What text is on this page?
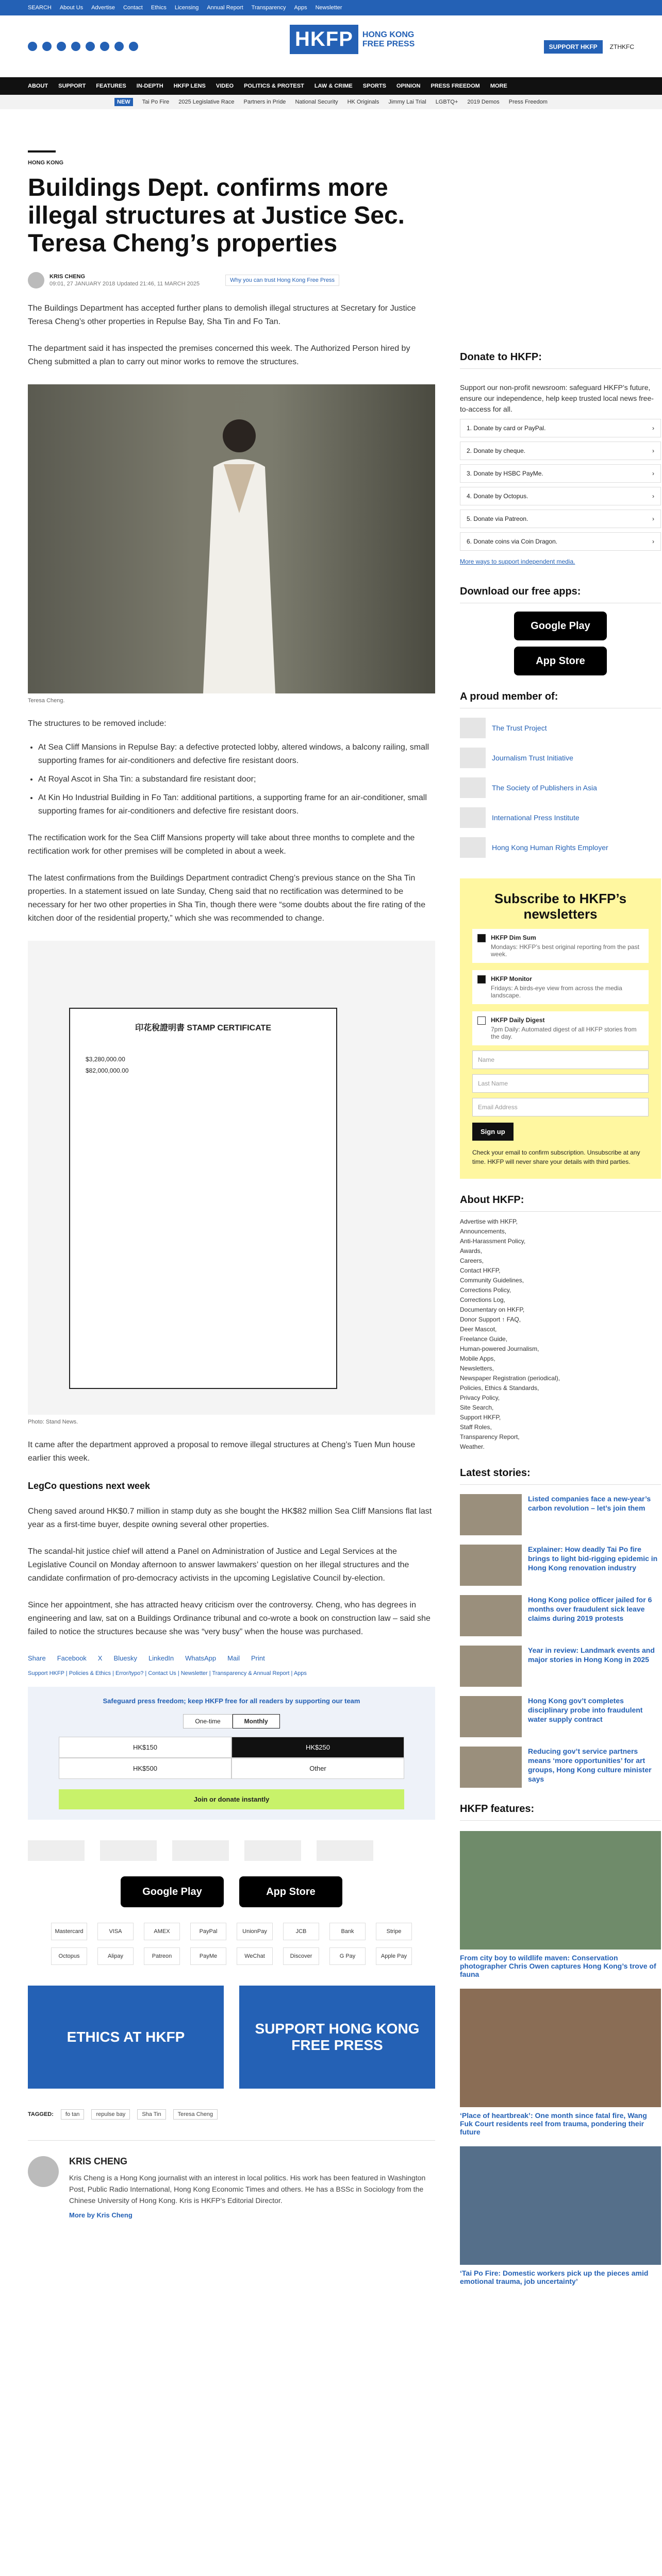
SEARCH About Us Advertise Contact Ethics Licensing Annual Report Transparency Apps Newsletter
HKFP	HONG KONG
FREE PRESS	SUPPORT HKFP	ZTHKFC
ABOUT SUPPORT FEATURES IN-DEPTH HKFP LENS VIDEO POLITICS & PROTEST LAW & CRIME SPORTS OPINION PRESS FREEDOM MORE
NEW	Tai Po Fire 2025 Legislative Race Partners in Pride National Security HK Originals Jimmy Lai Trial LGBTQ+ 2019 Demos Press Freedom
HONG KONG
Buildings Dept. confirms more illegal structures at Justice Sec. Teresa Cheng’s properties
KRIS CHENG
09:01, 27 JANUARY 2018 Updated 21:46, 11 MARCH 2025
Why you can trust Hong Kong Free Press

The Buildings Department has accepted further plans to demolish illegal structures at Secretary for Justice Teresa Cheng’s other properties in Repulse Bay, Sha Tin and Fo Tan.

The department said it has inspected the premises concerned this week. The Authorized Person hired by Cheng submitted a plan to carry out minor works to remove the structures.

Teresa Cheng.

The structures to be removed include:

• At Sea Cliff Mansions in Repulse Bay: a defective protected lobby, altered windows, a balcony railing, small supporting frames for air-conditioners and defective fire resistant doors.
• At Royal Ascot in Sha Tin: a substandard fire resistant door;
• At Kin Ho Industrial Building in Fo Tan: additional partitions, a supporting frame for an air-conditioner, small supporting frames for air-conditioners and defective fire resistant doors.

The rectification work for the Sea Cliff Mansions property will take about three months to complete and the rectification work for other premises will be completed in about a week.

The latest confirmations from the Buildings Department contradict Cheng’s previous stance on the Sha Tin properties. In a statement issued on late Sunday, Cheng said that no rectification was determined to be necessary for her two other properties in Sha Tin, though there were “some doubts about the fire rating of the kitchen door of the residential property,” which she was recommended to change.

印花稅證明書 STAMP CERTIFICATE
$3,280,000.00
$82,000,000.00
Photo: Stand News.

It came after the department approved a proposal to remove illegal structures at Cheng’s Tuen Mun house earlier this week.

LegCo questions next week

Cheng saved around HK$0.7 million in stamp duty as she bought the HK$82 million Sea Cliff Mansions flat last year as a first-time buyer, despite owning several other properties.

The scandal-hit justice chief will attend a Panel on Administration of Justice and Legal Services at the Legislative Council on Monday afternoon to answer lawmakers’ question on her illegal structures and the candidate confirmation of pro-democracy activists in the upcoming Legislative Council by-election.

Since her appointment, she has attracted heavy criticism over the controversy. Cheng, who has degrees in engineering and law, sat on a Buildings Ordinance tribunal and co-wrote a book on construction law – said she failed to notice the structures because she was “very busy” when the house was purchased.

Share Facebook X Bluesky LinkedIn WhatsApp Mail Print
Support HKFP | Policies & Ethics | Error/typo? | Contact Us | Newsletter | Transparency & Annual Report | Apps
Safeguard press freedom; keep HKFP free for all readers by supporting our team
One-time	Monthly
HK$150	HK$250
HK$500	Other
Join or donate instantly
Google Play	App Store
Mastercard	VISA	AMEX	PayPal	UnionPay	JCB	Bank	Stripe
Octopus	Alipay	Patreon	PayMe	WeChat	Discover	G Pay	Apple Pay
ETHICS AT HKFP
SUPPORT HONG KONG FREE PRESS
TAGGED:	fo tan	repulse bay	Sha Tin	Teresa Cheng
KRIS CHENG

Kris Cheng is a Hong Kong journalist with an interest in local politics. His work has been featured in Washington Post, Public Radio International, Hong Kong Economic Times and others. He has a BSSc in Sociology from the Chinese University of Hong Kong. Kris is HKFP’s Editorial Director.

More by Kris Cheng
Donate to HKFP:

Support our non-profit newsroom: safeguard HKFP’s future, ensure our independence, help keep trusted local news free-to-access for all.

1. Donate by card or PayPal. ›
2. Donate by cheque. ›
3. Donate by HSBC PayMe. ›
4. Donate by Octopus. ›
5. Donate via Patreon. ›
6. Donate coins via Coin Dragon. ›
More ways to support independent media.
Download our free apps:
Google Play
App Store
A proud member of:
The Trust Project
Journalism Trust Initiative
The Society of Publishers in Asia
International Press Institute
Hong Kong Human Rights Employer
Subscribe to HKFP’s newsletters
HKFP Dim Sum
Mondays: HKFP’s best original reporting from the past week.
HKFP Monitor
Fridays: A birds-eye view from across the media landscape.
HKFP Daily Digest
7pm Daily: Automated digest of all HKFP stories from the day.
Name
Last Name
Email Address
Sign up

Check your email to confirm subscription. Unsubscribe at any time. HKFP will never share your details with third parties.

About HKFP:
Advertise with HKFP,
Announcements,
Anti-Harassment Policy,
Awards,
Careers,
Contact HKFP,
Community Guidelines,
Corrections Policy,
Corrections Log,
Documentary on HKFP,
Donor Support ↑ FAQ,
Deer Mascot,
Freelance Guide,
Human-powered Journalism,
Mobile Apps,
Newsletters,
Newspaper Registration (periodical),
Policies, Ethics & Standards,
Privacy Policy,
Site Search,
Support HKFP,
Staff Roles,
Transparency Report,
Weather.
Latest stories:
Listed companies face a new-year’s carbon revolution – let’s join them
Explainer: How deadly Tai Po fire brings to light bid-rigging epidemic in Hong Kong renovation industry
Hong Kong police officer jailed for 6 months over fraudulent sick leave claims during 2019 protests
Year in review: Landmark events and major stories in Hong Kong in 2025
Hong Kong gov’t completes disciplinary probe into fraudulent water supply contract
Reducing gov’t service partners means ‘more opportunities’ for art groups, Hong Kong culture minister says
HKFP features:
From city boy to wildlife maven: Conservation photographer Chris Owen captures Hong Kong’s trove of fauna
‘Place of heartbreak’: One month since fatal fire, Wang Fuk Court residents reel from trauma, pondering their future
‘Tai Po Fire: Domestic workers pick up the pieces amid emotional trauma, job uncertainty’
